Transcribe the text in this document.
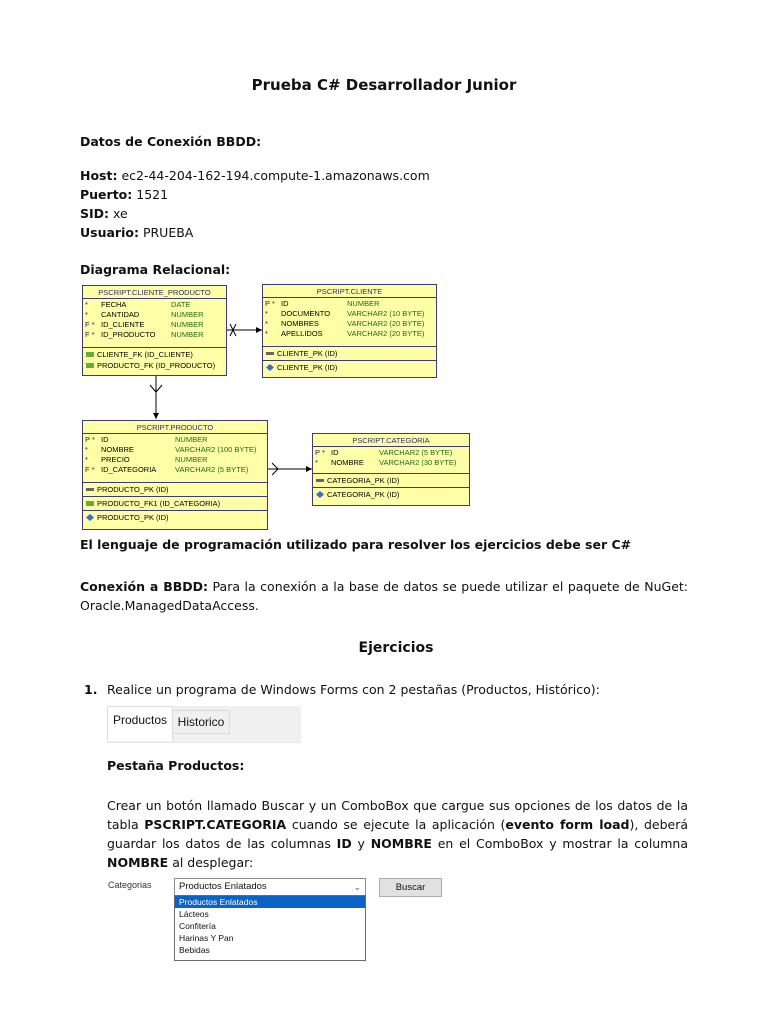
Prueba C# Desarrollador Junior
Datos de Conexión BBDD:
Host: ec2-44-204-162-194.compute-1.amazonaws.com
Puerto: 1521
SID: xe
Usuario: PRUEBA
Diagrama Relacional:
PSCRIPT.CLIENTE_PRODUCTO
*	FECHA	DATE
*	CANTIDAD	NUMBER
F * ID_CLIENTE	NUMBER
F * ID_PRODUCTO NUMBER
CLIENTE_FK (ID_CLIENTE)
PRODUCTO_FK (ID_PRODUCTO)
PSCRIPT.CLIENTE
P * ID	NUMBER
*	DOCUMENTO VARCHAR2 (10 BYTE)
*	NOMBRES	VARCHAR2 (20 BYTE)
*	APELLIDOS	VARCHAR2 (20 BYTE)
CLIENTE_PK (ID)
CLIENTE_PK (ID)
PSCRIPT.PRODUCTO
P * ID	NUMBER
*	NOMBRE	VARCHAR2 (100 BYTE)
*	PRECIO	NUMBER
F * ID_CATEGORIA VARCHAR2 (5 BYTE)
PRODUCTO_PK (ID)
PRODUCTO_FK1 (ID_CATEGORIA)
PRODUCTO_PK (ID)
PSCRIPT.CATEGORIA
P * ID	VARCHAR2 (5 BYTE)
*	NOMBRE VARCHAR2 (30 BYTE)
CATEGORIA_PK (ID)
CATEGORIA_PK (ID)
El lenguaje de programación utilizado para resolver los ejercicios debe ser C#
Conexión a BBDD: Para la conexión a la base de datos se puede utilizar el paquete de NuGet: Oracle.ManagedDataAccess.
Ejercicios
1. Realice un programa de Windows Forms con 2 pestañas (Productos, Histórico):
Productos Historico
Pestaña Productos:
Crear un botón llamado Buscar y un ComboBox que cargue sus opciones de los datos de la tabla PSCRIPT.CATEGORIA cuando se ejecute la aplicación (evento form load), deberá guardar los datos de las columnas ID y NOMBRE en el ComboBox y mostrar la columna NOMBRE al desplegar:
Categorias	Productos Enlatados	⌄
Productos Enlatados
Lácteos
Confitería
Harinas Y Pan
Bebidas
Buscar
